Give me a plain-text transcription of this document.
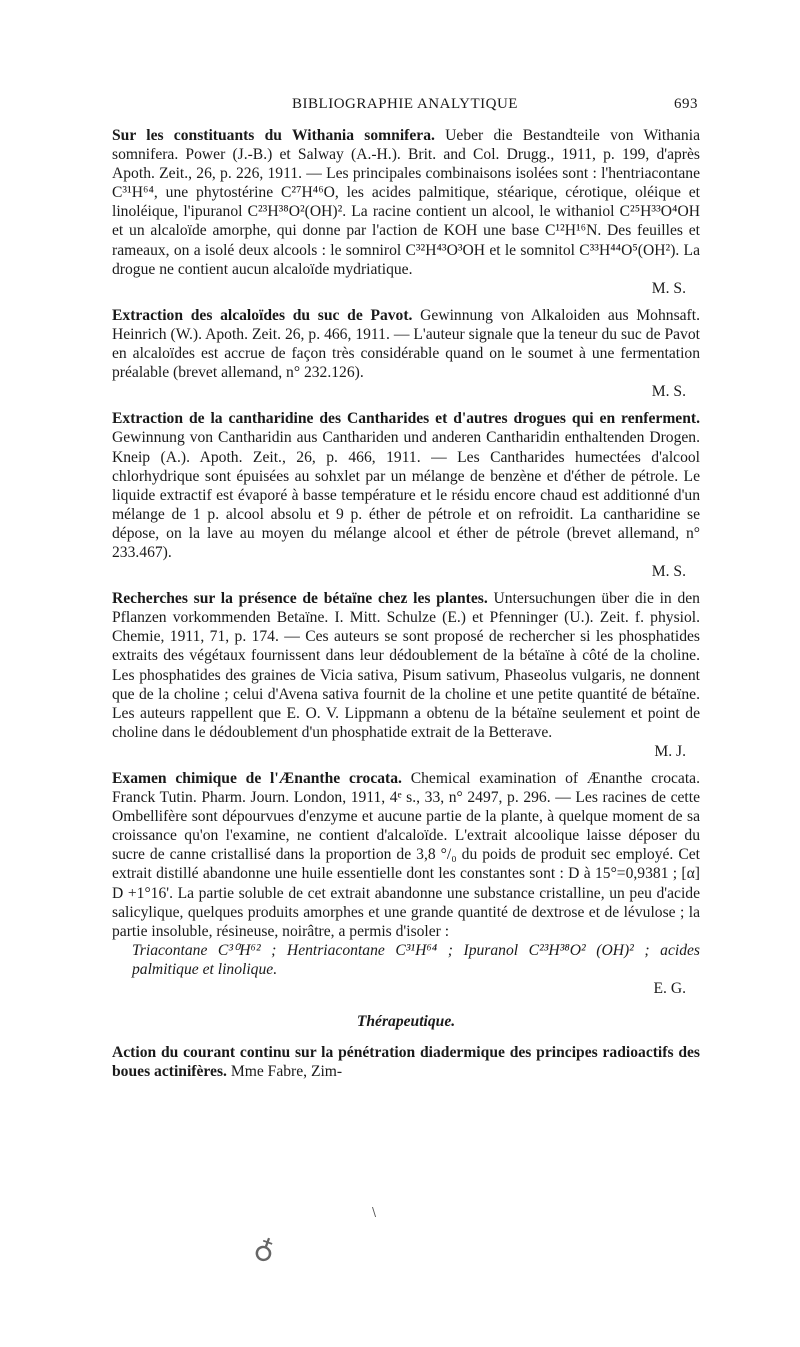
BIBLIOGRAPHIE ANALYTIQUE	693

Sur les constituants du Withania somnifera. Ueber die Bestandteile von Withania somnifera. Power (J.-B.) et Salway (A.-H.). Brit. and Col. Drugg., 1911, p. 199, d'après Apoth. Zeit., 26, p. 226, 1911. — Les principales combinaisons isolées sont : l'hentriacontane C³¹H⁶⁴, une phytostérine C²⁷H⁴⁶O, les acides palmitique, stéarique, cérotique, oléique et linoléique, l'ipuranol C²³H³⁸O²(OH)². La racine contient un alcool, le withaniol C²⁵H³³O⁴OH et un alcaloïde amorphe, qui donne par l'action de KOH une base C¹²H¹⁶N. Des feuilles et rameaux, on a isolé deux alcools : le somnirol C³²H⁴³O³OH et le somnitol C³³H⁴⁴O⁵(OH²). La drogue ne contient aucun alcaloïde mydriatique.
M. S.

Extraction des alcaloïdes du suc de Pavot. Gewinnung von Alkaloiden aus Mohnsaft. Heinrich (W.). Apoth. Zeit. 26, p. 466, 1911. — L'auteur signale que la teneur du suc de Pavot en alcaloïdes est accrue de façon très considérable quand on le soumet à une fermentation préalable (brevet allemand, n° 232.126).
M. S.

Extraction de la cantharidine des Cantharides et d'autres drogues qui en renferment. Gewinnung von Cantharidin aus Canthariden und anderen Cantharidin enthaltenden Drogen. Kneip (A.). Apoth. Zeit., 26, p. 466, 1911. — Les Cantharides humectées d'alcool chlorhydrique sont épuisées au sohxlet par un mélange de benzène et d'éther de pétrole. Le liquide extractif est évaporé à basse température et le résidu encore chaud est additionné d'un mélange de 1 p. alcool absolu et 9 p. éther de pétrole et on refroidit. La cantharidine se dépose, on la lave au moyen du mélange alcool et éther de pétrole (brevet allemand, n° 233.467).
M. S.

Recherches sur la présence de bétaïne chez les plantes. Untersuchungen über die in den Pflanzen vorkommenden Betaïne. I. Mitt. Schulze (E.) et Pfenninger (U.). Zeit. f. physiol. Chemie, 1911, 71, p. 174. — Ces auteurs se sont proposé de rechercher si les phosphatides extraits des végétaux fournissent dans leur dédoublement de la bétaïne à côté de la choline. Les phosphatides des graines de Vicia sativa, Pisum sativum, Phaseolus vulgaris, ne donnent que de la choline ; celui d'Avena sativa fournit de la choline et une petite quantité de bétaïne. Les auteurs rappellent que E. O. V. Lippmann a obtenu de la bétaïne seulement et point de choline dans le dédoublement d'un phosphatide extrait de la Betterave.
M. J.

Examen chimique de l'Ænanthe crocata. Chemical examination of Ænanthe crocata. Franck Tutin. Pharm. Journ. London, 1911, 4ᵉ s., 33, n° 2497, p. 296. — Les racines de cette Ombellifère sont dépourvues d'enzyme et aucune partie de la plante, à quelque moment de sa croissance qu'on l'examine, ne contient d'alcaloïde. L'extrait alcoolique laisse déposer du sucre de canne cristallisé dans la proportion de 3,8 °/₀ du poids de produit sec employé. Cet extrait distillé abandonne une huile essentielle dont les constantes sont : D à 15°=0,9381 ; [α] D +1°16'. La partie soluble de cet extrait abandonne une substance cristalline, un peu d'acide salicylique, quelques produits amorphes et une grande quantité de dextrose et de lévulose ; la partie insoluble, résineuse, noirâtre, a permis d'isoler :
Triacontane C³⁰H⁶² ; Hentriacontane C³¹H⁶⁴ ; Ipuranol C²³H³⁸O² (OH)² ; acides palmitique et linolique.
E. G.

Thérapeutique.

Action du courant continu sur la pénétration diadermique des principes radioactifs des boues actinifères. Mme Fabre, Zim-

\
♁
